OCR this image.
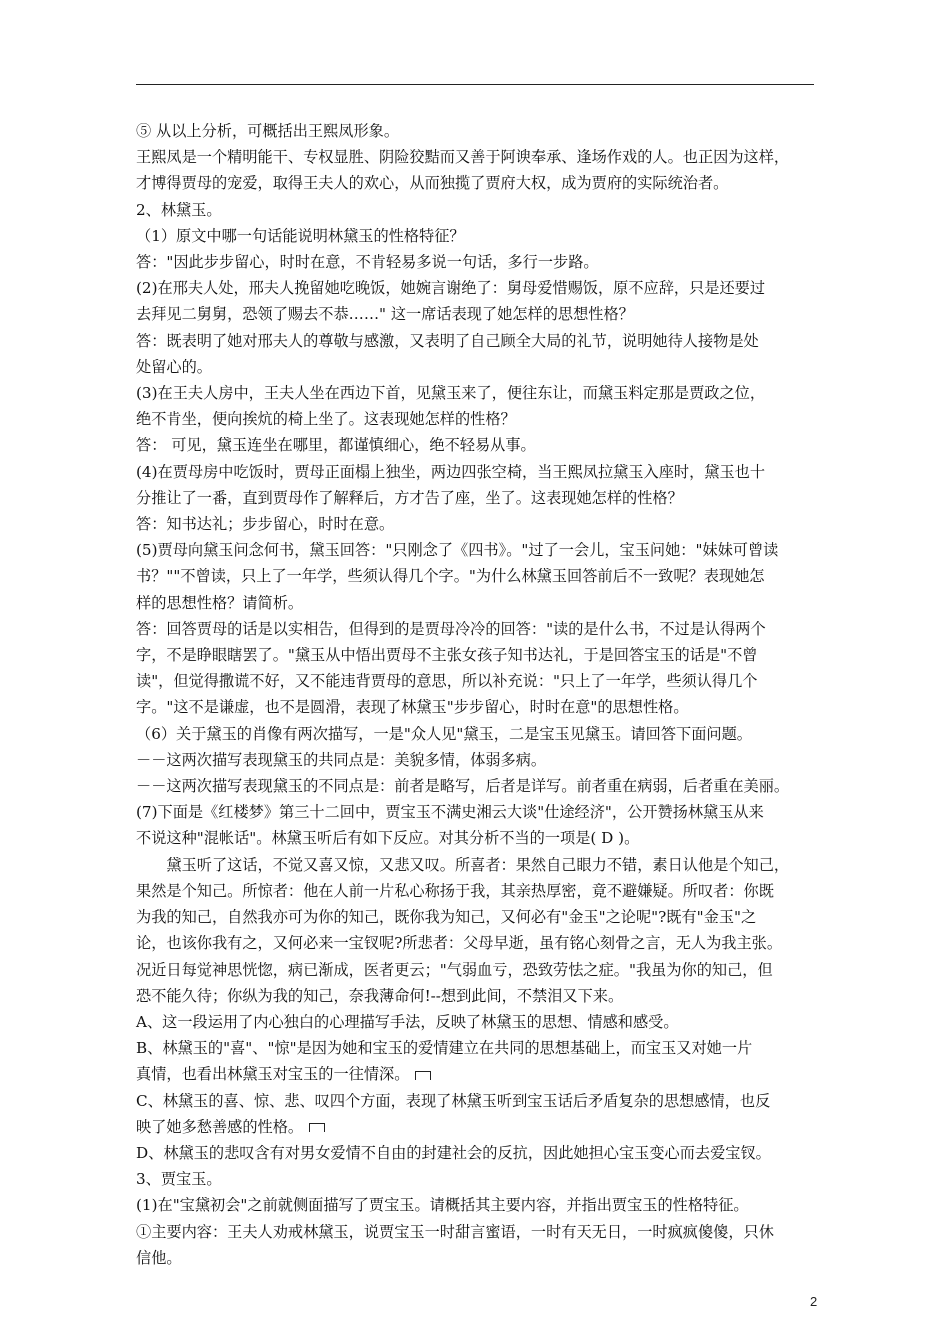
⑤ 从以上分析，可概括出王熙凤形象。

王熙凤是一个精明能干、专权显胜、阴险狡黠而又善于阿谀奉承、逢场作戏的人。也正因为这样，

才博得贾母的宠爱，取得王夫人的欢心，从而独揽了贾府大权，成为贾府的实际统治者。

2、林黛玉。

（1）原文中哪一句话能说明林黛玉的性格特征？

答："因此步步留心，时时在意，不肯轻易多说一句话，多行一步路。

(2)在邢夫人处，邢夫人挽留她吃晚饭，她婉言谢绝了：舅母爱惜赐饭，原不应辞，只是还要过

去拜见二舅舅，恐领了赐去不恭……" 这一席话表现了她怎样的思想性格？

答：既表明了她对邢夫人的尊敬与感激，又表明了自己顾全大局的礼节，说明她待人接物是处

处留心的。

(3)在王夫人房中，王夫人坐在西边下首，见黛玉来了，便往东让，而黛玉料定那是贾政之位，

绝不肯坐，便向挨炕的椅上坐了。这表现她怎样的性格？

答： 可见，黛玉连坐在哪里，都谨慎细心，绝不轻易从事。

(4)在贾母房中吃饭时，贾母正面榻上独坐，两边四张空椅，当王熙凤拉黛玉入座时，黛玉也十

分推让了一番，直到贾母作了解释后，方才告了座，坐了。这表现她怎样的性格？

答：知书达礼；步步留心，时时在意。

(5)贾母向黛玉问念何书，黛玉回答："只刚念了《四书》。"过了一会儿，宝玉问她："妹妹可曾读

书？""不曾读，只上了一年学，些须认得几个字。"为什么林黛玉回答前后不一致呢？表现她怎

样的思想性格？请简析。

答：回答贾母的话是以实相告，但得到的是贾母冷冷的回答："读的是什么书，不过是认得两个

字，不是睁眼瞎罢了。"黛玉从中悟出贾母不主张女孩子知书达礼，于是回答宝玉的话是"不曾

读"，但觉得撒谎不好，又不能违背贾母的意思，所以补充说："只上了一年学，些须认得几个

字。"这不是谦虚，也不是圆滑，表现了林黛玉"步步留心，时时在意"的思想性格。

（6）关于黛玉的肖像有两次描写，一是"众人见"黛玉，二是宝玉见黛玉。请回答下面问题。

－－这两次描写表现黛玉的共同点是：美貌多情，体弱多病。

－－这两次描写表现黛玉的不同点是：前者是略写，后者是详写。前者重在病弱，后者重在美丽。

(7)下面是《红楼梦》第三十二回中，贾宝玉不满史湘云大谈"仕途经济"，公开赞扬林黛玉从来

不说这种"混帐话"。林黛玉听后有如下反应。对其分析不当的一项是( D )。

黛玉听了这话，不觉又喜又惊，又悲又叹。所喜者：果然自己眼力不错，素日认他是个知己，

果然是个知己。所惊者：他在人前一片私心称扬于我，其亲热厚密，竟不避嫌疑。所叹者：你既

为我的知己，自然我亦可为你的知己，既你我为知己，又何必有"金玉"之论呢"?既有"金玉"之

论，也该你我有之，又何必来一宝钗呢?所悲者：父母早逝，虽有铭心刻骨之言，无人为我主张。

况近日每觉神思恍惚，病已渐成，医者更云；"气弱血亏，恐致劳怯之症。"我虽为你的知己，但

恐不能久待；你纵为我的知己，奈我薄命何!--想到此间，不禁泪又下来。

A、这一段运用了内心独白的心理描写手法，反映了林黛玉的思想、情感和感受。

B、林黛玉的"喜"、"惊"是因为她和宝玉的爱情建立在共同的思想基础上，而宝玉又对她一片

真情，也看出林黛玉对宝玉的一往情深。

C、林黛玉的喜、惊、悲、叹四个方面，表现了林黛玉听到宝玉话后矛盾复杂的思想感情，也反

映了她多愁善感的性格。

D、林黛玉的悲叹含有对男女爱情不自由的封建社会的反抗，因此她担心宝玉变心而去爱宝钗。

3、贾宝玉。

(1)在"宝黛初会"之前就侧面描写了贾宝玉。请概括其主要内容，并指出贾宝玉的性格特征。

①主要内容：王夫人劝戒林黛玉，说贾宝玉一时甜言蜜语，一时有天无日，一时疯疯傻傻，只休

信他。

2
